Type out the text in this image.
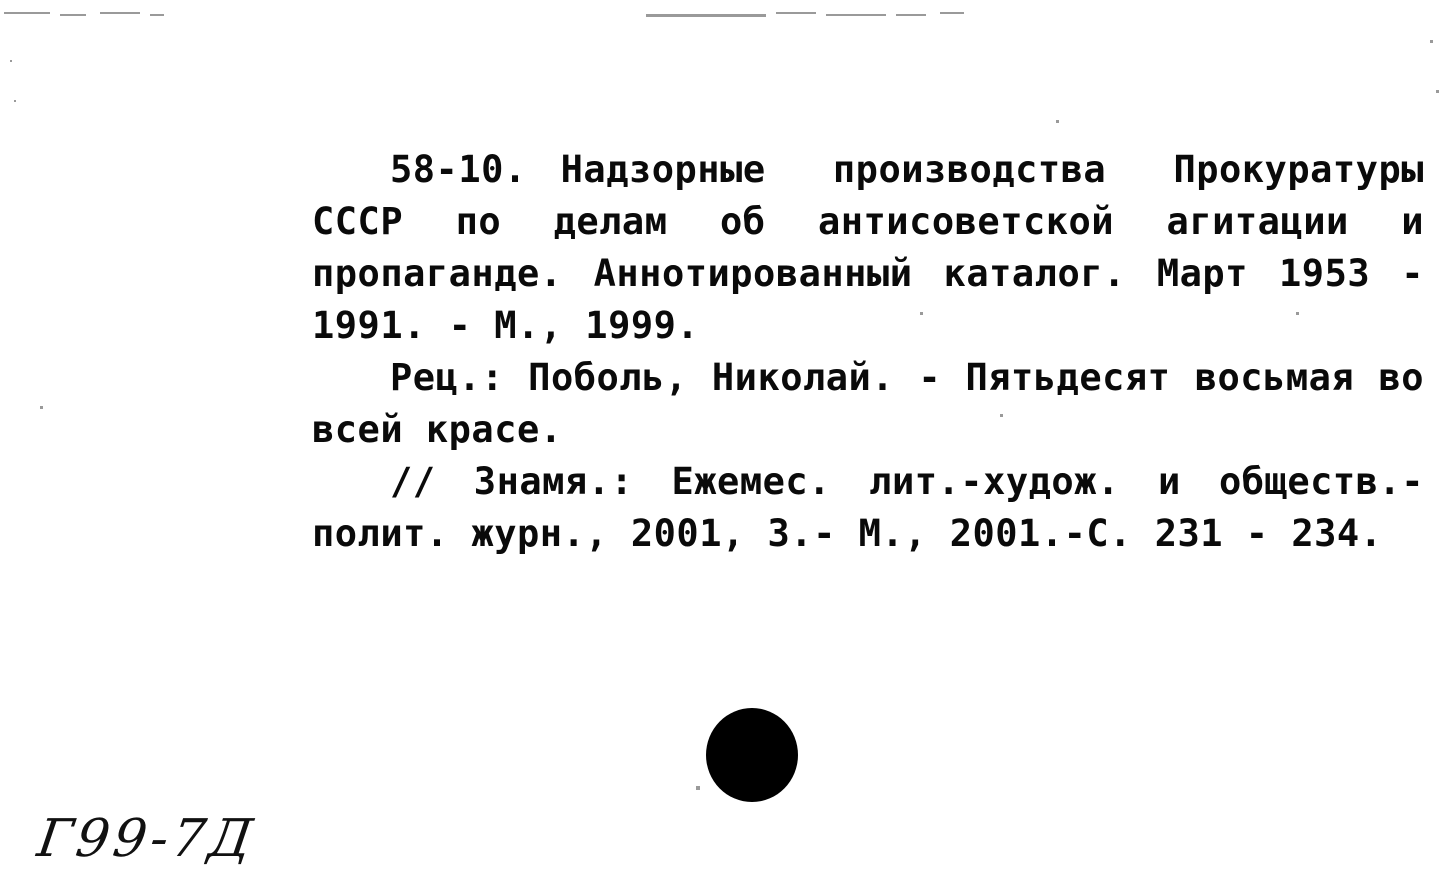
58-10. Надзорные производства Прокуратуры СССР по делам об антисоветской агитации и пропаганде. Аннотированный каталог. Март 1953 - 1991. - М., 1999.

Рец.: Поболь, Николай. - Пятьдесят восьмая во всей красе.

// Знамя.: Ежемес. лит.-худож. и обществ.-полит. журн., 2001, 3.- М., 2001.-С. 231 - 234.

Г99-7Д
